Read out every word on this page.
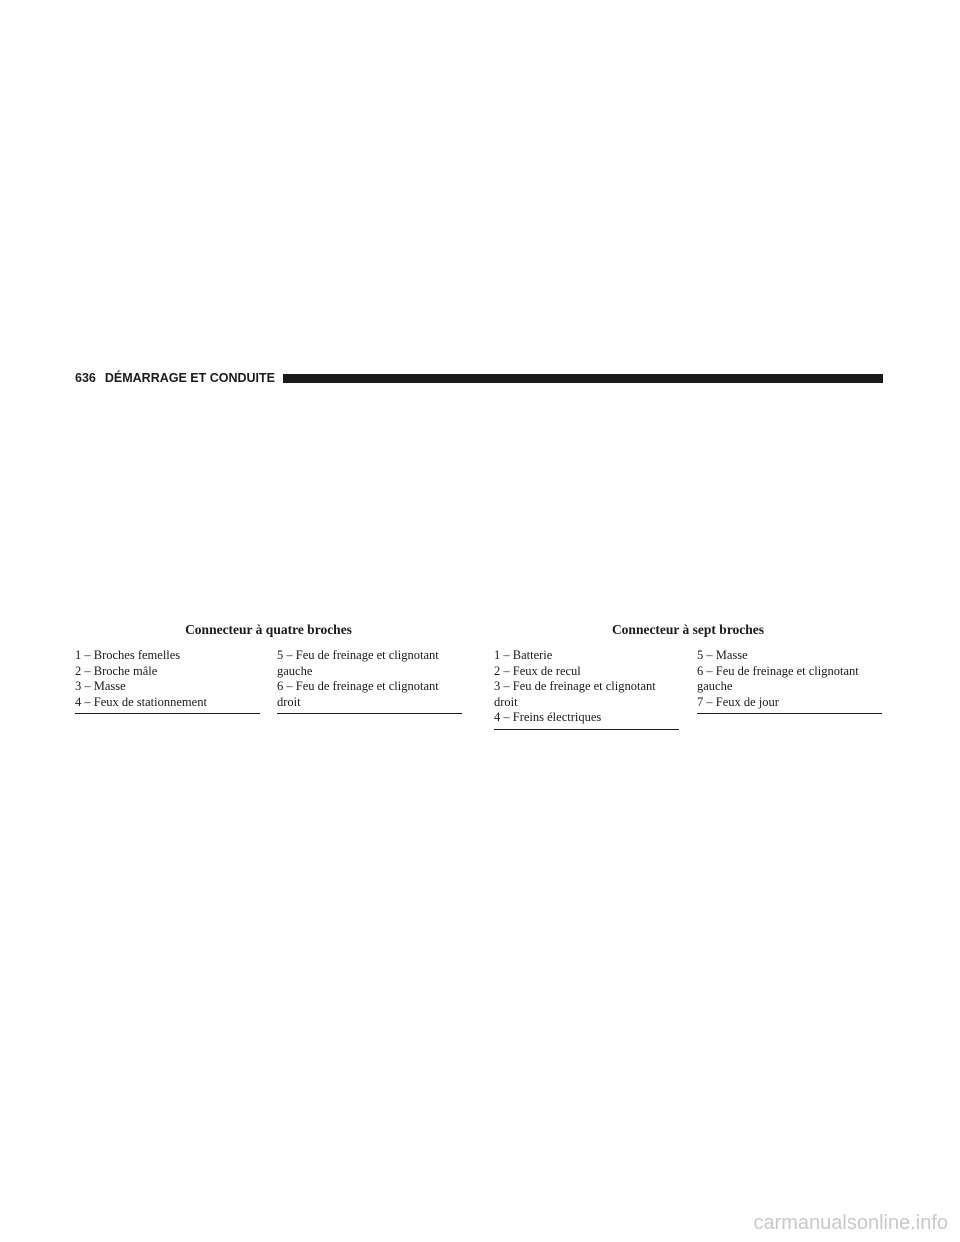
636 DÉMARRAGE ET CONDUITE
Connecteur à quatre broches
1 – Broches femelles
2 – Broche mâle
3 – Masse
4 – Feux de stationnement
5 – Feu de freinage et clignotant
gauche
6 – Feu de freinage et clignotant
droit
Connecteur à sept broches
1 – Batterie
2 – Feux de recul
3 – Feu de freinage et clignotant
droit
4 – Freins électriques
5 – Masse
6 – Feu de freinage et clignotant
gauche
7 – Feux de jour
carmanualsonline.info
